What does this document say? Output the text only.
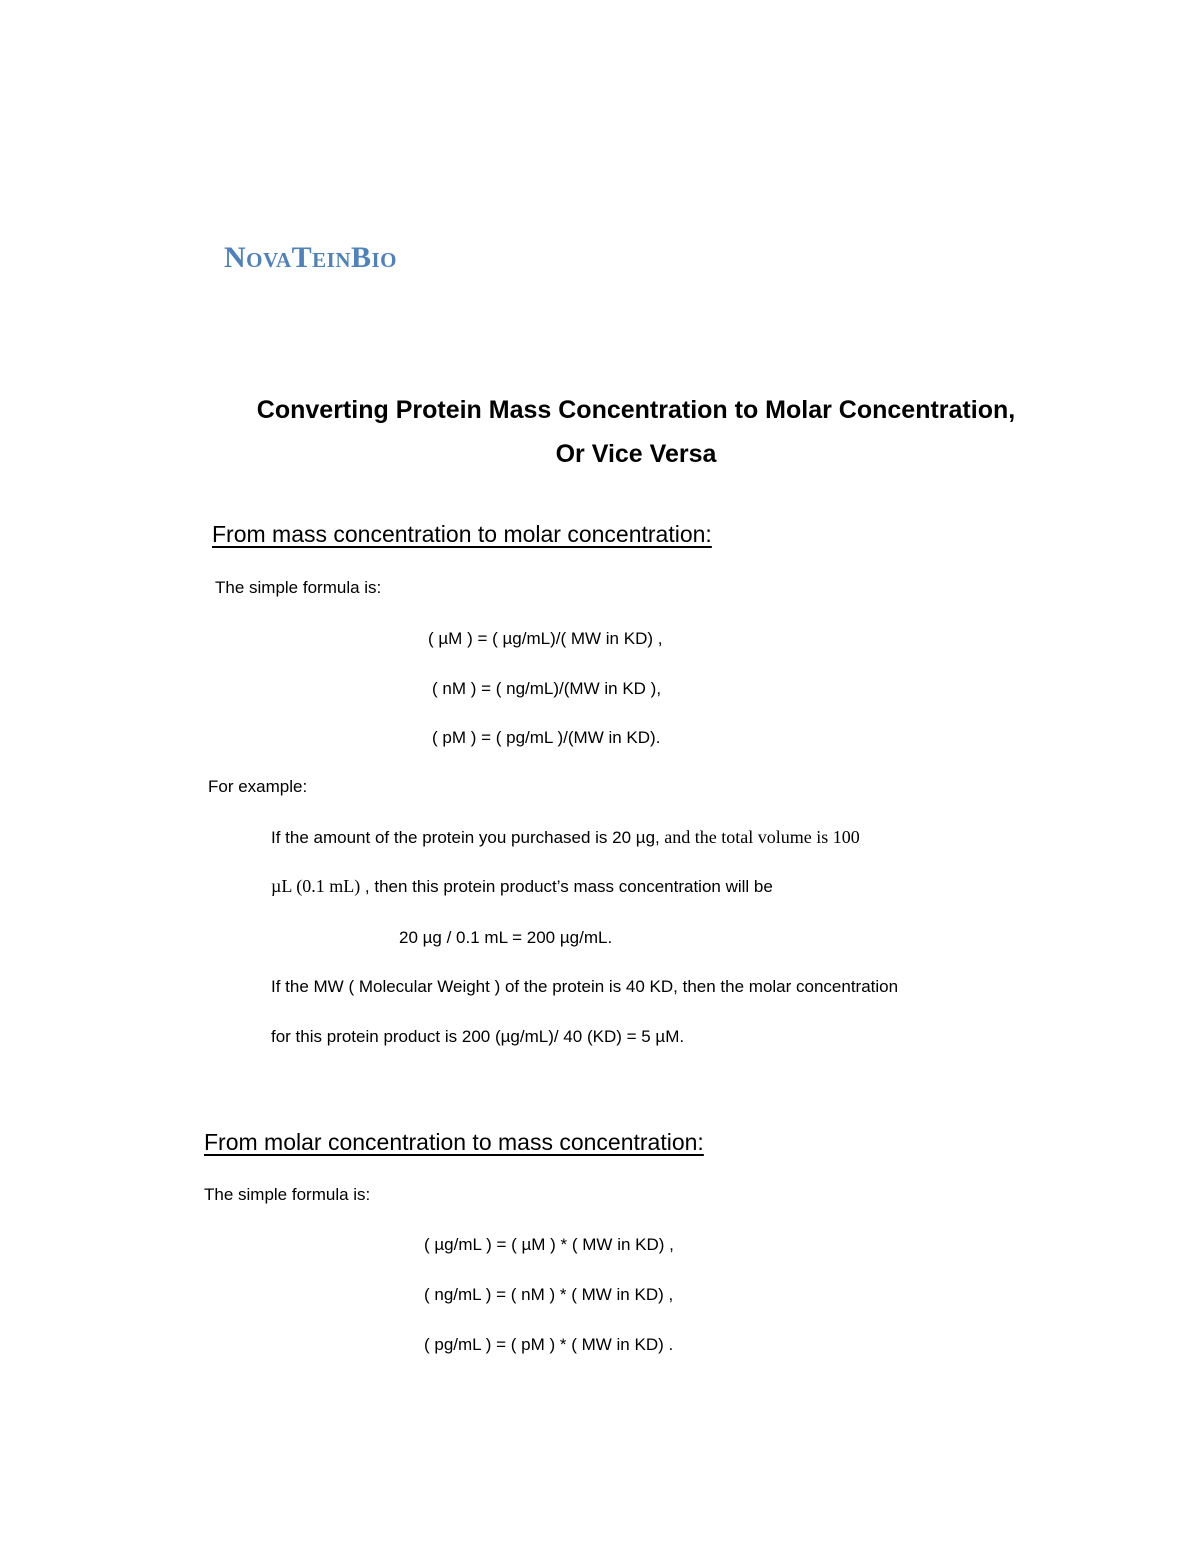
NovaTeinBio
Converting Protein Mass Concentration to Molar Concentration,
Or Vice Versa
From mass concentration to molar concentration:
The simple formula is:
( µM ) = ( µg/mL)/( MW in KD) ,
( nM ) = ( ng/mL)/(MW in KD ),
( pM ) = ( pg/mL )/(MW in KD).
For example:
If the amount of the protein you purchased is 20 µg, and the total volume is 100
µL (0.1 mL) , then this protein product’s mass concentration will be
20 µg / 0.1 mL = 200 µg/mL.
If the MW ( Molecular Weight ) of the protein is 40 KD, then the molar concentration
for this protein product is 200 (µg/mL)/ 40 (KD) = 5 µM.
From molar concentration to mass concentration:
The simple formula is:
( µg/mL ) = ( µM ) * ( MW in KD) ,
( ng/mL ) = ( nM ) * ( MW in KD) ,
( pg/mL ) = ( pM ) * ( MW in KD) .
